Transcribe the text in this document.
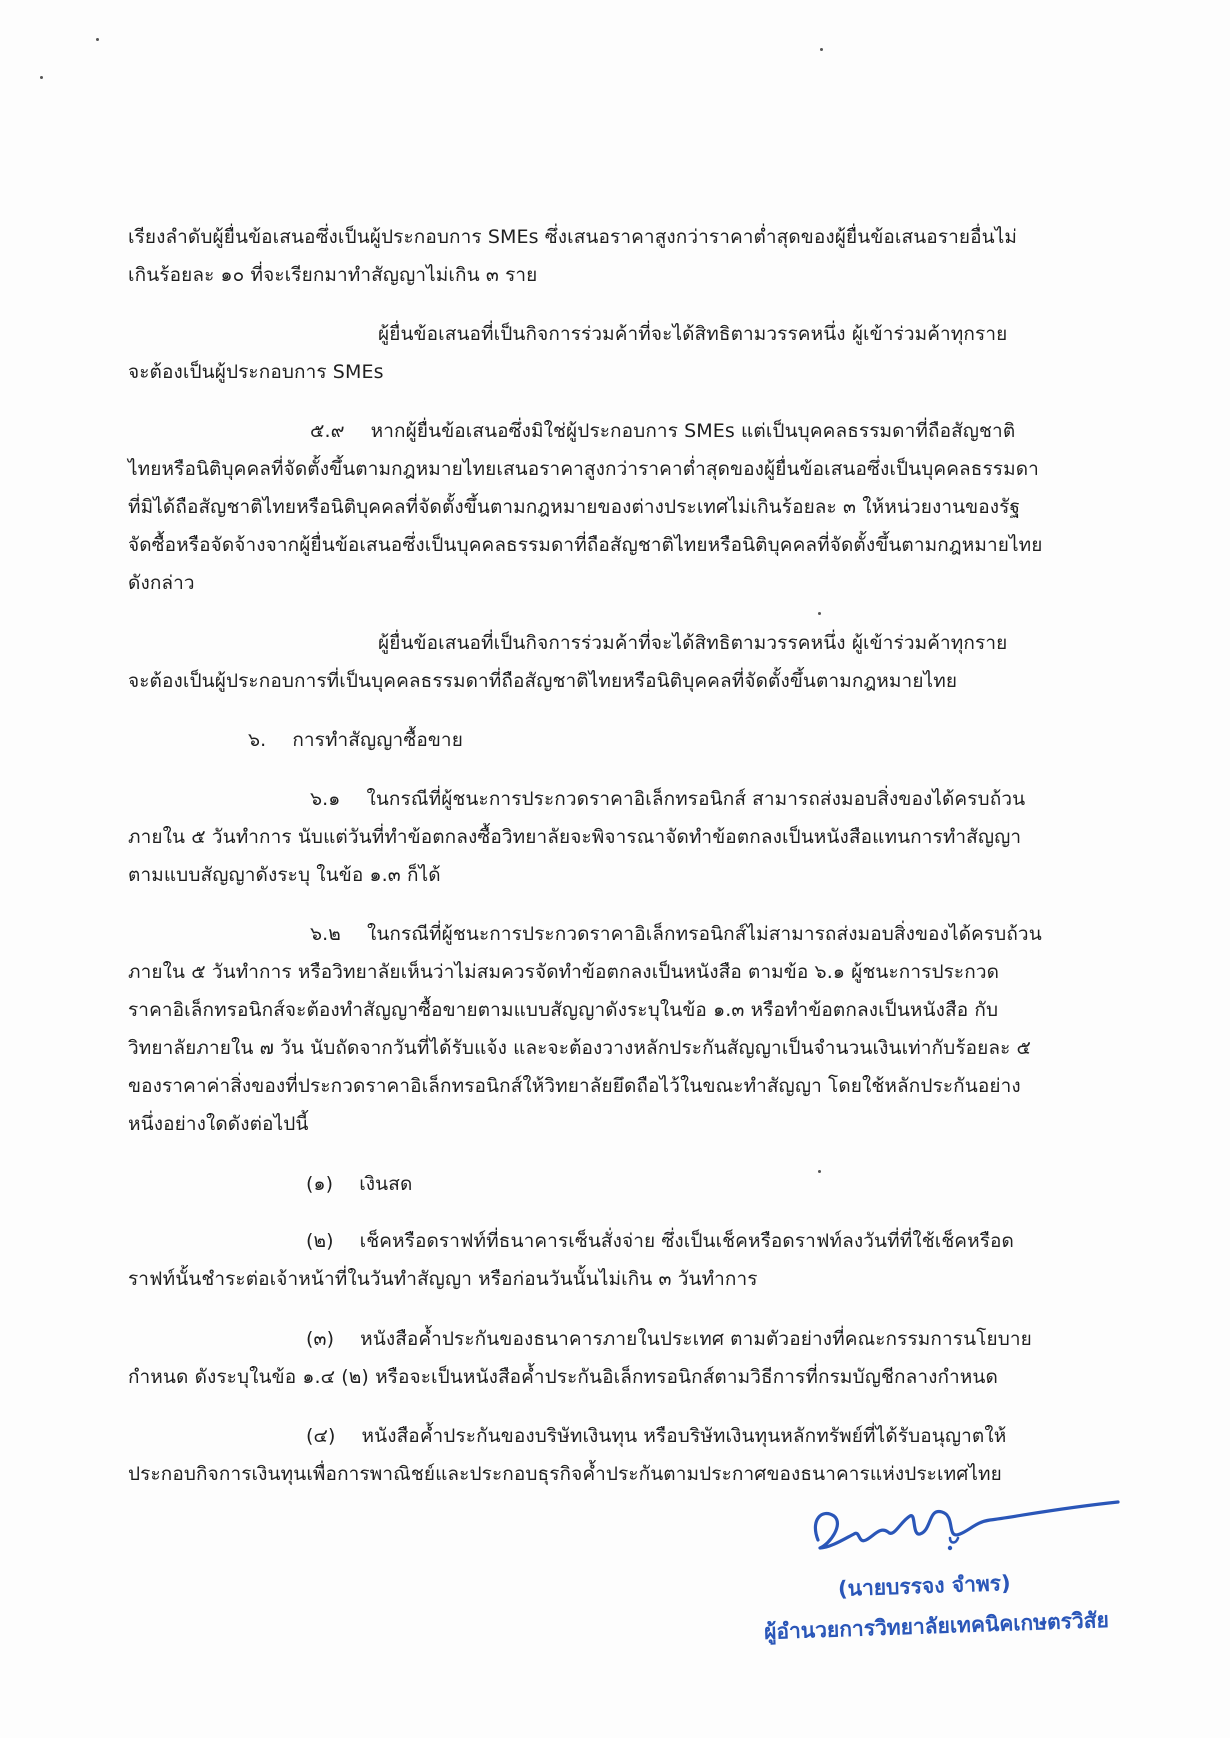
เรียงลำดับผู้ยื่นข้อเสนอซึ่งเป็นผู้ประกอบการ SMEs ซึ่งเสนอราคาสูงกว่าราคาต่ำสุดของผู้ยื่นข้อเสนอรายอื่นไม่
เกินร้อยละ ๑๐ ที่จะเรียกมาทำสัญญาไม่เกิน ๓ ราย
ผู้ยื่นข้อเสนอที่เป็นกิจการร่วมค้าที่จะได้สิทธิตามวรรคหนึ่ง ผู้เข้าร่วมค้าทุกราย
จะต้องเป็นผู้ประกอบการ SMEs
๕.๙ หากผู้ยื่นข้อเสนอซึ่งมิใช่ผู้ประกอบการ SMEs แต่เป็นบุคคลธรรมดาที่ถือสัญชาติ
ไทยหรือนิติบุคคลที่จัดตั้งขึ้นตามกฎหมายไทยเสนอราคาสูงกว่าราคาต่ำสุดของผู้ยื่นข้อเสนอซึ่งเป็นบุคคลธรรมดา
ที่มิได้ถือสัญชาติไทยหรือนิติบุคคลที่จัดตั้งขึ้นตามกฎหมายของต่างประเทศไม่เกินร้อยละ ๓ ให้หน่วยงานของรัฐ
จัดซื้อหรือจัดจ้างจากผู้ยื่นข้อเสนอซึ่งเป็นบุคคลธรรมดาที่ถือสัญชาติไทยหรือนิติบุคคลที่จัดตั้งขึ้นตามกฎหมายไทย
ดังกล่าว
ผู้ยื่นข้อเสนอที่เป็นกิจการร่วมค้าที่จะได้สิทธิตามวรรคหนึ่ง ผู้เข้าร่วมค้าทุกราย
จะต้องเป็นผู้ประกอบการที่เป็นบุคคลธรรมดาที่ถือสัญชาติไทยหรือนิติบุคคลที่จัดตั้งขึ้นตามกฎหมายไทย
๖. การทำสัญญาซื้อขาย
๖.๑ ในกรณีที่ผู้ชนะการประกวดราคาอิเล็กทรอนิกส์ สามารถส่งมอบสิ่งของได้ครบถ้วน
ภายใน ๕ วันทำการ นับแต่วันที่ทำข้อตกลงซื้อวิทยาลัยจะพิจารณาจัดทำข้อตกลงเป็นหนังสือแทนการทำสัญญา
ตามแบบสัญญาดังระบุ ในข้อ ๑.๓ ก็ได้
๖.๒ ในกรณีที่ผู้ชนะการประกวดราคาอิเล็กทรอนิกส์ไม่สามารถส่งมอบสิ่งของได้ครบถ้วน
ภายใน ๕ วันทำการ หรือวิทยาลัยเห็นว่าไม่สมควรจัดทำข้อตกลงเป็นหนังสือ ตามข้อ ๖.๑ ผู้ชนะการประกวด
ราคาอิเล็กทรอนิกส์จะต้องทำสัญญาซื้อขายตามแบบสัญญาดังระบุในข้อ ๑.๓ หรือทำข้อตกลงเป็นหนังสือ กับ
วิทยาลัยภายใน ๗ วัน นับถัดจากวันที่ได้รับแจ้ง และจะต้องวางหลักประกันสัญญาเป็นจำนวนเงินเท่ากับร้อยละ ๕
ของราคาค่าสิ่งของที่ประกวดราคาอิเล็กทรอนิกส์ให้วิทยาลัยยึดถือไว้ในขณะทำสัญญา โดยใช้หลักประกันอย่าง
หนึ่งอย่างใดดังต่อไปนี้
(๑) เงินสด
(๒) เช็คหรือดราฟท์ที่ธนาคารเซ็นสั่งจ่าย ซึ่งเป็นเช็คหรือดราฟท์ลงวันที่ที่ใช้เช็คหรือด
ราฟท์นั้นชำระต่อเจ้าหน้าที่ในวันทำสัญญา หรือก่อนวันนั้นไม่เกิน ๓ วันทำการ
(๓) หนังสือค้ำประกันของธนาคารภายในประเทศ ตามตัวอย่างที่คณะกรรมการนโยบาย
กำหนด ดังระบุในข้อ ๑.๔ (๒) หรือจะเป็นหนังสือค้ำประกันอิเล็กทรอนิกส์ตามวิธีการที่กรมบัญชีกลางกำหนด
(๔) หนังสือค้ำประกันของบริษัทเงินทุน หรือบริษัทเงินทุนหลักทรัพย์ที่ได้รับอนุญาตให้
ประกอบกิจการเงินทุนเพื่อการพาณิชย์และประกอบธุรกิจค้ำประกันตามประกาศของธนาคารแห่งประเทศไทย
(นายบรรจง จำพร)
ผู้อำนวยการวิทยาลัยเทคนิคเกษตรวิสัย
